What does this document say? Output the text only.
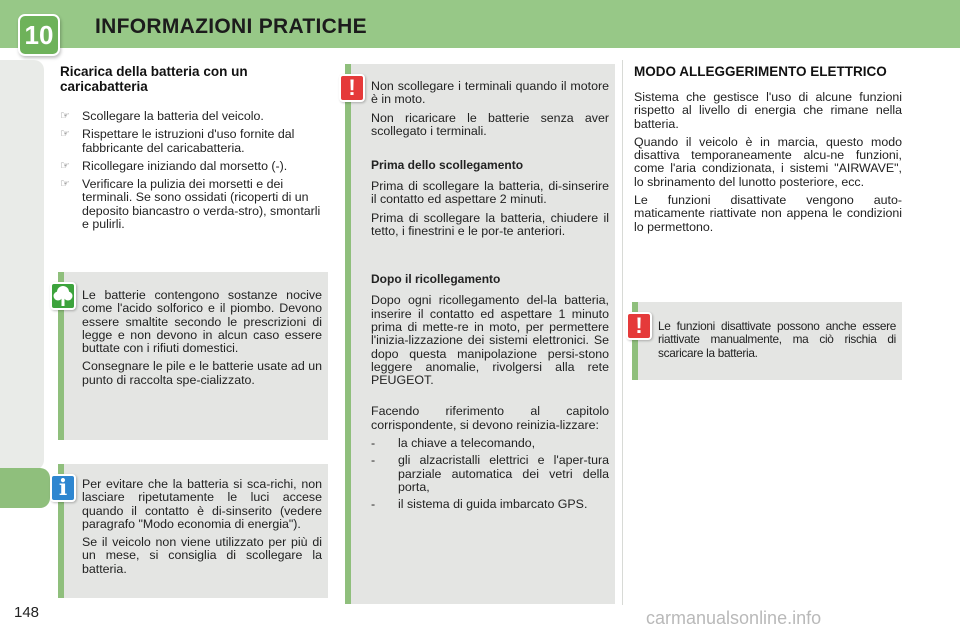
10	INFORMAZIONI PRATICHE
Ricarica della batteria con un caricabatteria
☞ Scollegare la batteria del veicolo.
☞ Rispettare le istruzioni d'uso fornite dal fabbricante del caricabatteria.
☞ Ricollegare iniziando dal morsetto (-).
☞ Verificare la pulizia dei morsetti e dei terminali. Se sono ossidati (ricoperti di un deposito biancastro o verda-stro), smontarli e pulirli.

Le batterie contengono sostanze nocive come l'acido solforico e il piombo. Devono essere smaltite secondo le prescrizioni di legge e non devono in alcun caso essere buttate con i rifiuti domestici.

Consegnare le pile e le batterie usate ad un punto di raccolta spe-cializzato.

Per evitare che la batteria si sca-richi, non lasciare ripetutamente le luci accese quando il contatto è di-sinserito (vedere paragrafo "Modo economia di energia").

Se il veicolo non viene utilizzato per più di un mese, si consiglia di scollegare la batteria.

i

Non scollegare i terminali quando il motore è in moto.

Non ricaricare le batterie senza aver scollegato i terminali.

Prima dello scollegamento

Prima di scollegare la batteria, di-sinserire il contatto ed aspettare 2 minuti.

Prima di scollegare la batteria, chiudere il tetto, i finestrini e le por-te anteriori.

Dopo il ricollegamento

Dopo ogni ricollegamento del-la batteria, inserire il contatto ed aspettare 1 minuto prima di mette-re in moto, per permettere l'inizia-lizzazione dei sistemi elettronici. Se dopo questa manipolazione persi-stono leggere anomalie, rivolgersi alla rete PEUGEOT.

Facendo riferimento al capitolo corrispondente, si devono reinizia-lizzare:

- la chiave a telecomando,
- gli alzacristalli elettrici e l'aper-tura parziale automatica dei vetri della porta,
- il sistema di guida imbarcato GPS.
!
MODO ALLEGGERIMENTO ELETTRICO

Sistema che gestisce l'uso di alcune funzioni rispetto al livello di energia che rimane nella batteria.

Quando il veicolo è in marcia, questo modo disattiva temporaneamente alcu-ne funzioni, come l'aria condizionata, i sistemi "AIRWAVE", lo sbrinamento del lunotto posteriore, ecc.

Le funzioni disattivate vengono auto-maticamente riattivate non appena le condizioni lo permettono.

Le funzioni disattivate possono anche essere riattivate manualmente, ma ciò rischia di scaricare la batteria.

!
148	carmanualsonline.info
